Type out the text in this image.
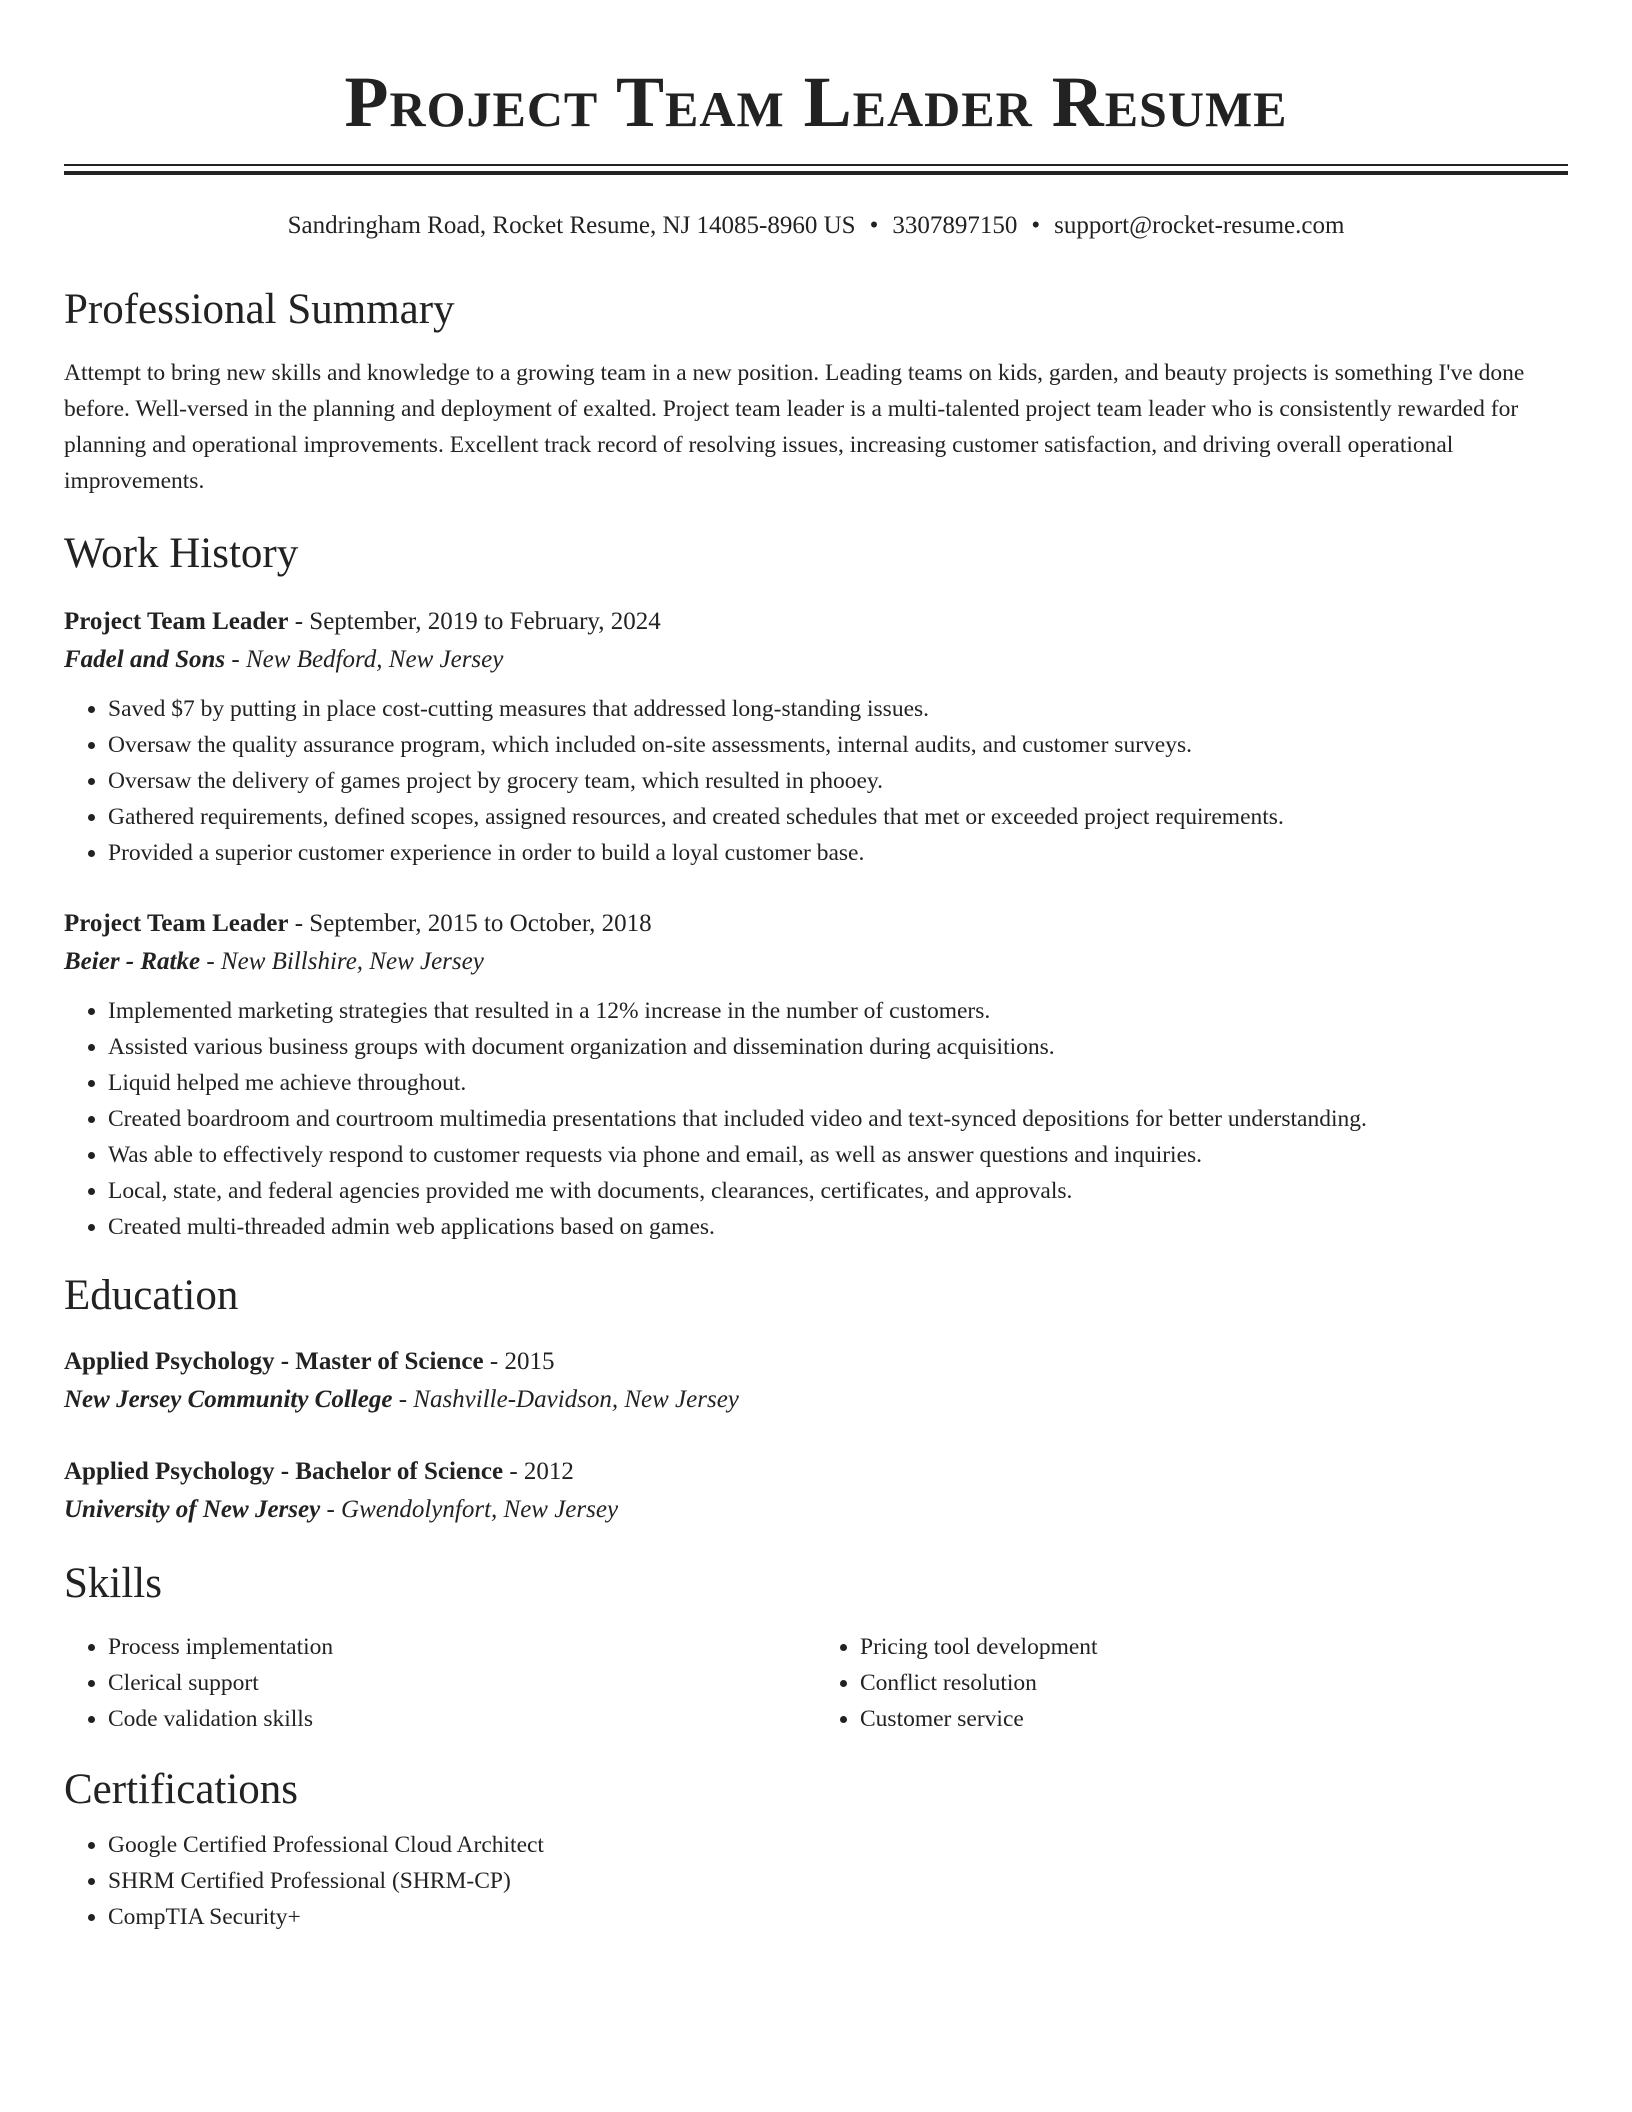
Project Team Leader Resume
Sandringham Road, Rocket Resume, NJ 14085-8960 US • 3307897150 • support@rocket-resume.com
Professional Summary
Attempt to bring new skills and knowledge to a growing team in a new position. Leading teams on kids, garden, and beauty projects is something I've done before. Well-versed in the planning and deployment of exalted. Project team leader is a multi-talented project team leader who is consistently rewarded for planning and operational improvements. Excellent track record of resolving issues, increasing customer satisfaction, and driving overall operational improvements.
Work History
Project Team Leader - September, 2019 to February, 2024
Fadel and Sons - New Bedford, New Jersey
• Saved $7 by putting in place cost-cutting measures that addressed long-standing issues.
• Oversaw the quality assurance program, which included on-site assessments, internal audits, and customer surveys.
• Oversaw the delivery of games project by grocery team, which resulted in phooey.
• Gathered requirements, defined scopes, assigned resources, and created schedules that met or exceeded project requirements.
• Provided a superior customer experience in order to build a loyal customer base.
Project Team Leader - September, 2015 to October, 2018
Beier - Ratke - New Billshire, New Jersey
• Implemented marketing strategies that resulted in a 12% increase in the number of customers.
• Assisted various business groups with document organization and dissemination during acquisitions.
• Liquid helped me achieve throughout.
• Created boardroom and courtroom multimedia presentations that included video and text-synced depositions for better understanding.
• Was able to effectively respond to customer requests via phone and email, as well as answer questions and inquiries.
• Local, state, and federal agencies provided me with documents, clearances, certificates, and approvals.
• Created multi-threaded admin web applications based on games.
Education
Applied Psychology - Master of Science - 2015
New Jersey Community College - Nashville-Davidson, New Jersey
Applied Psychology - Bachelor of Science - 2012
University of New Jersey - Gwendolynfort, New Jersey
Skills
• Process implementation
• Clerical support
• Code validation skills
• Pricing tool development
• Conflict resolution
• Customer service
Certifications
• Google Certified Professional Cloud Architect
• SHRM Certified Professional (SHRM-CP)
• CompTIA Security+
